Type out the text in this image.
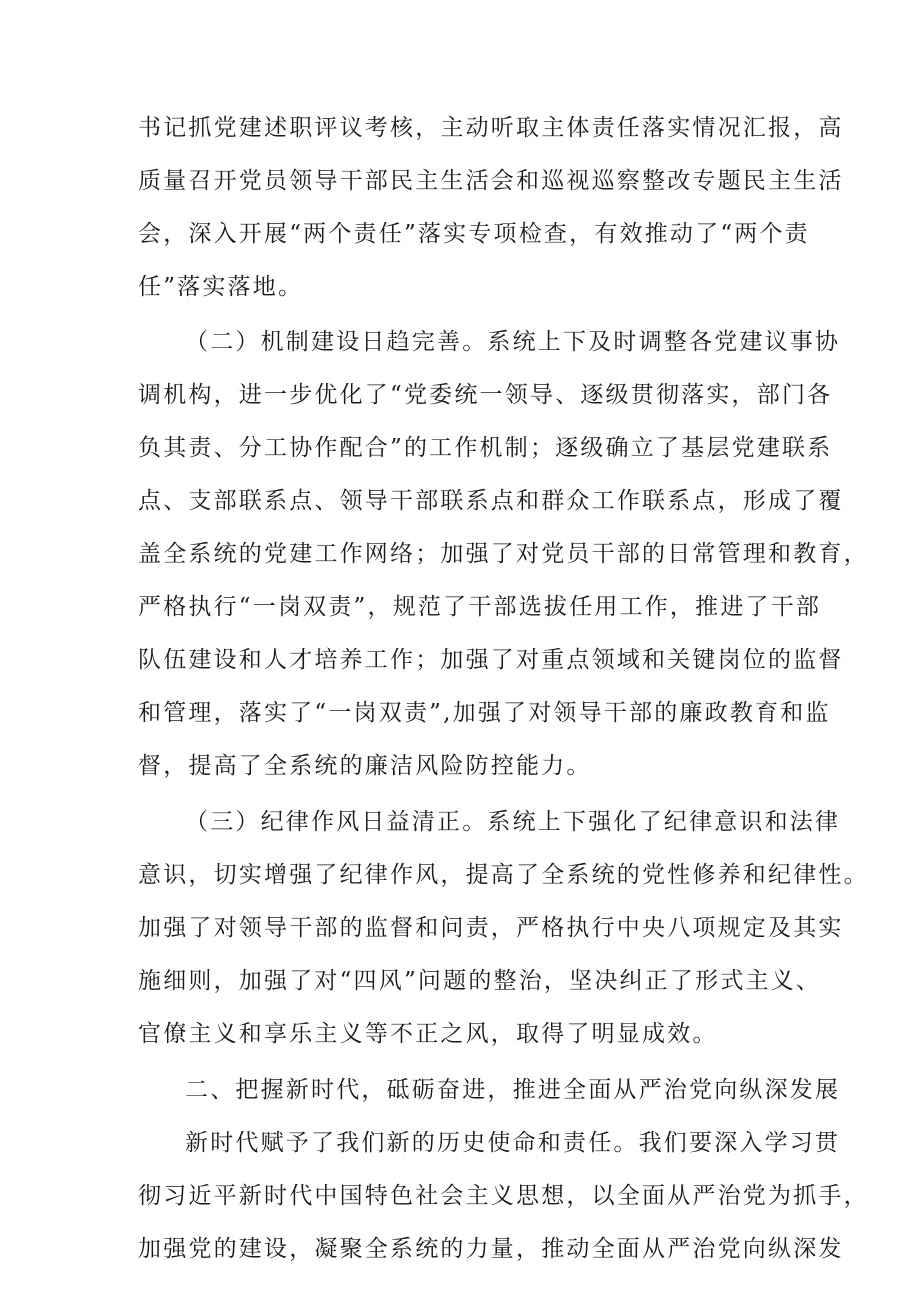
书记抓党建述职评议考核，主动听取主体责任落实情况汇报，高
质量召开党员领导干部民主生活会和巡视巡察整改专题民主生活
会，深入开展“两个责任”落实专项检查，有效推动了“两个责
任”落实落地。
（二）机制建设日趋完善。系统上下及时调整各党建议事协
调机构，进一步优化了“党委统一领导、逐级贯彻落实，部门各
负其责、分工协作配合”的工作机制；逐级确立了基层党建联系
点、支部联系点、领导干部联系点和群众工作联系点，形成了覆
盖全系统的党建工作网络；加强了对党员干部的日常管理和教育，
严格执行“一岗双责”，规范了干部选拔任用工作，推进了干部
队伍建设和人才培养工作；加强了对重点领域和关键岗位的监督
和管理，落实了“一岗双责”,加强了对领导干部的廉政教育和监
督，提高了全系统的廉洁风险防控能力。
（三）纪律作风日益清正。系统上下强化了纪律意识和法律
意识，切实增强了纪律作风，提高了全系统的党性修养和纪律性。
加强了对领导干部的监督和问责，严格执行中央八项规定及其实
施细则，加强了对“四风”问题的整治，坚决纠正了形式主义、
官僚主义和享乐主义等不正之风，取得了明显成效。
二、把握新时代，砥砺奋进，推进全面从严治党向纵深发展
新时代赋予了我们新的历史使命和责任。我们要深入学习贯
彻习近平新时代中国特色社会主义思想，以全面从严治党为抓手，
加强党的建设，凝聚全系统的力量，推动全面从严治党向纵深发
